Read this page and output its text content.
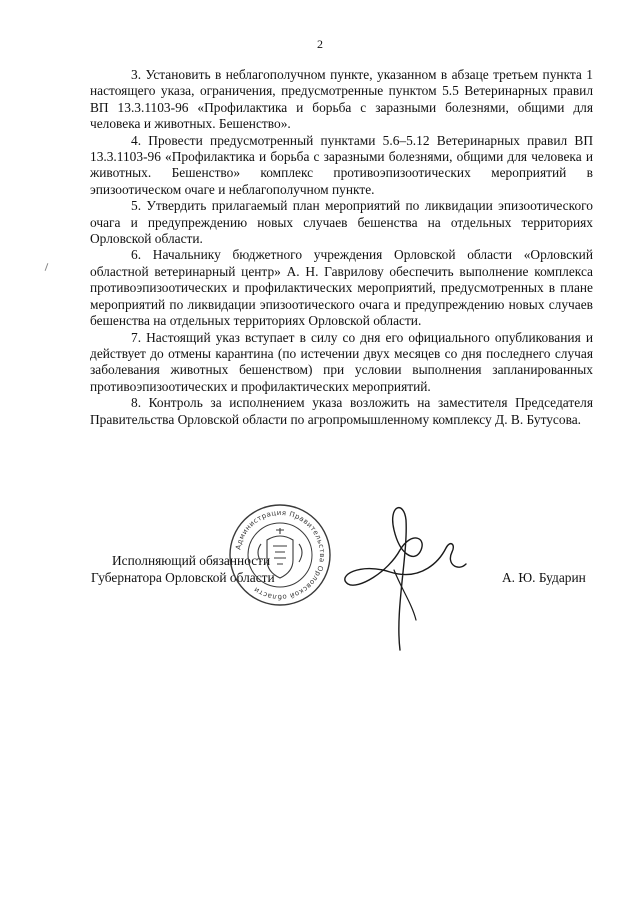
2

3. Установить в неблагополучном пункте, указанном в абзаце третьем пункта 1 настоящего указа, ограничения, предусмотренные пунктом 5.5 Ветеринарных правил ВП 13.3.1103-96 «Профилактика и борьба с заразными болезнями, общими для человека и животных. Бешенство».

4. Провести предусмотренный пунктами 5.6–5.12 Ветеринарных правил ВП 13.3.1103-96 «Профилактика и борьба с заразными болезнями, общими для человека и животных. Бешенство» комплекс противоэпизоотических мероприятий в эпизоотическом очаге и неблагополучном пункте.

5. Утвердить прилагаемый план мероприятий по ликвидации эпизоотического очага и предупреждению новых случаев бешенства на отдельных территориях Орловской области.

6. Начальнику бюджетного учреждения Орловской области «Орловский областной ветеринарный центр» А. Н. Гаврилову обеспечить выполнение комплекса противоэпизоотических и профилактических мероприятий, предусмотренных в плане мероприятий по ликвидации эпизоотического очага и предупреждению новых случаев бешенства на отдельных территориях Орловской области.

7. Настоящий указ вступает в силу со дня его официального опубликования и действует до отмены карантина (по истечении двух месяцев со дня последнего случая заболевания животных бешенством) при условии выполнения запланированных противоэпизоотических и профилактических мероприятий.

8. Контроль за исполнением указа возложить на заместителя Председателя Правительства Орловской области по агропромышленному комплексу Д. В. Бутусова.

Исполняющий обязанности
Губернатора Орловской области
Администрация Правительства Орловской области
А. Ю. Бударин
